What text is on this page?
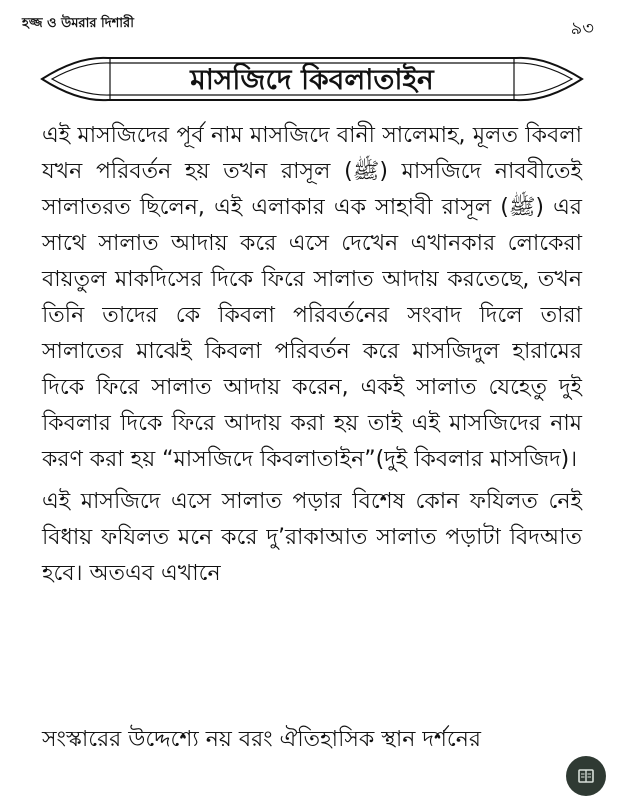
হজ্জ ও উমরার দিশারী	৯৩
মাসজিদে কিবলাতাইন

এই মাসজিদের পূর্ব নাম মাসজিদে বানী সালেমাহ, মূলত কিবলা যখন পরিবর্তন হয় তখন রাসূল (ﷺ) মাসজিদে নাববীতেই সালাতরত ছিলেন, এই এলাকার এক সাহাবী রাসূল (ﷺ) এর সাথে সালাত আদায় করে এসে দেখেন এখানকার লোকেরা বায়তুল মাকদিসের দিকে ফিরে সালাত আদায় করতেছে, তখন তিনি তাদের কে কিবলা পরিবর্তনের সংবাদ দিলে তারা সালাতের মাঝেই কিবলা পরিবর্তন করে মাসজিদুল হারামের দিকে ফিরে সালাত আদায় করেন, একই সালাত যেহেতু দুই কিবলার দিকে ফিরে আদায় করা হয় তাই এই মাসজিদের নাম করণ করা হয় “মাসজিদে কিবলাতাইন”(দুই কিবলার মাসজিদ)।

এই মাসজিদে এসে সালাত পড়ার বিশেষ কোন ফযিলত নেই বিধায় ফযিলত মনে করে দু’রাকাআত সালাত পড়াটা বিদআত হবে। অতএব এখানে

সংস্কারের উদ্দেশ্যে নয় বরং ঐতিহাসিক স্থান দর্শনের
